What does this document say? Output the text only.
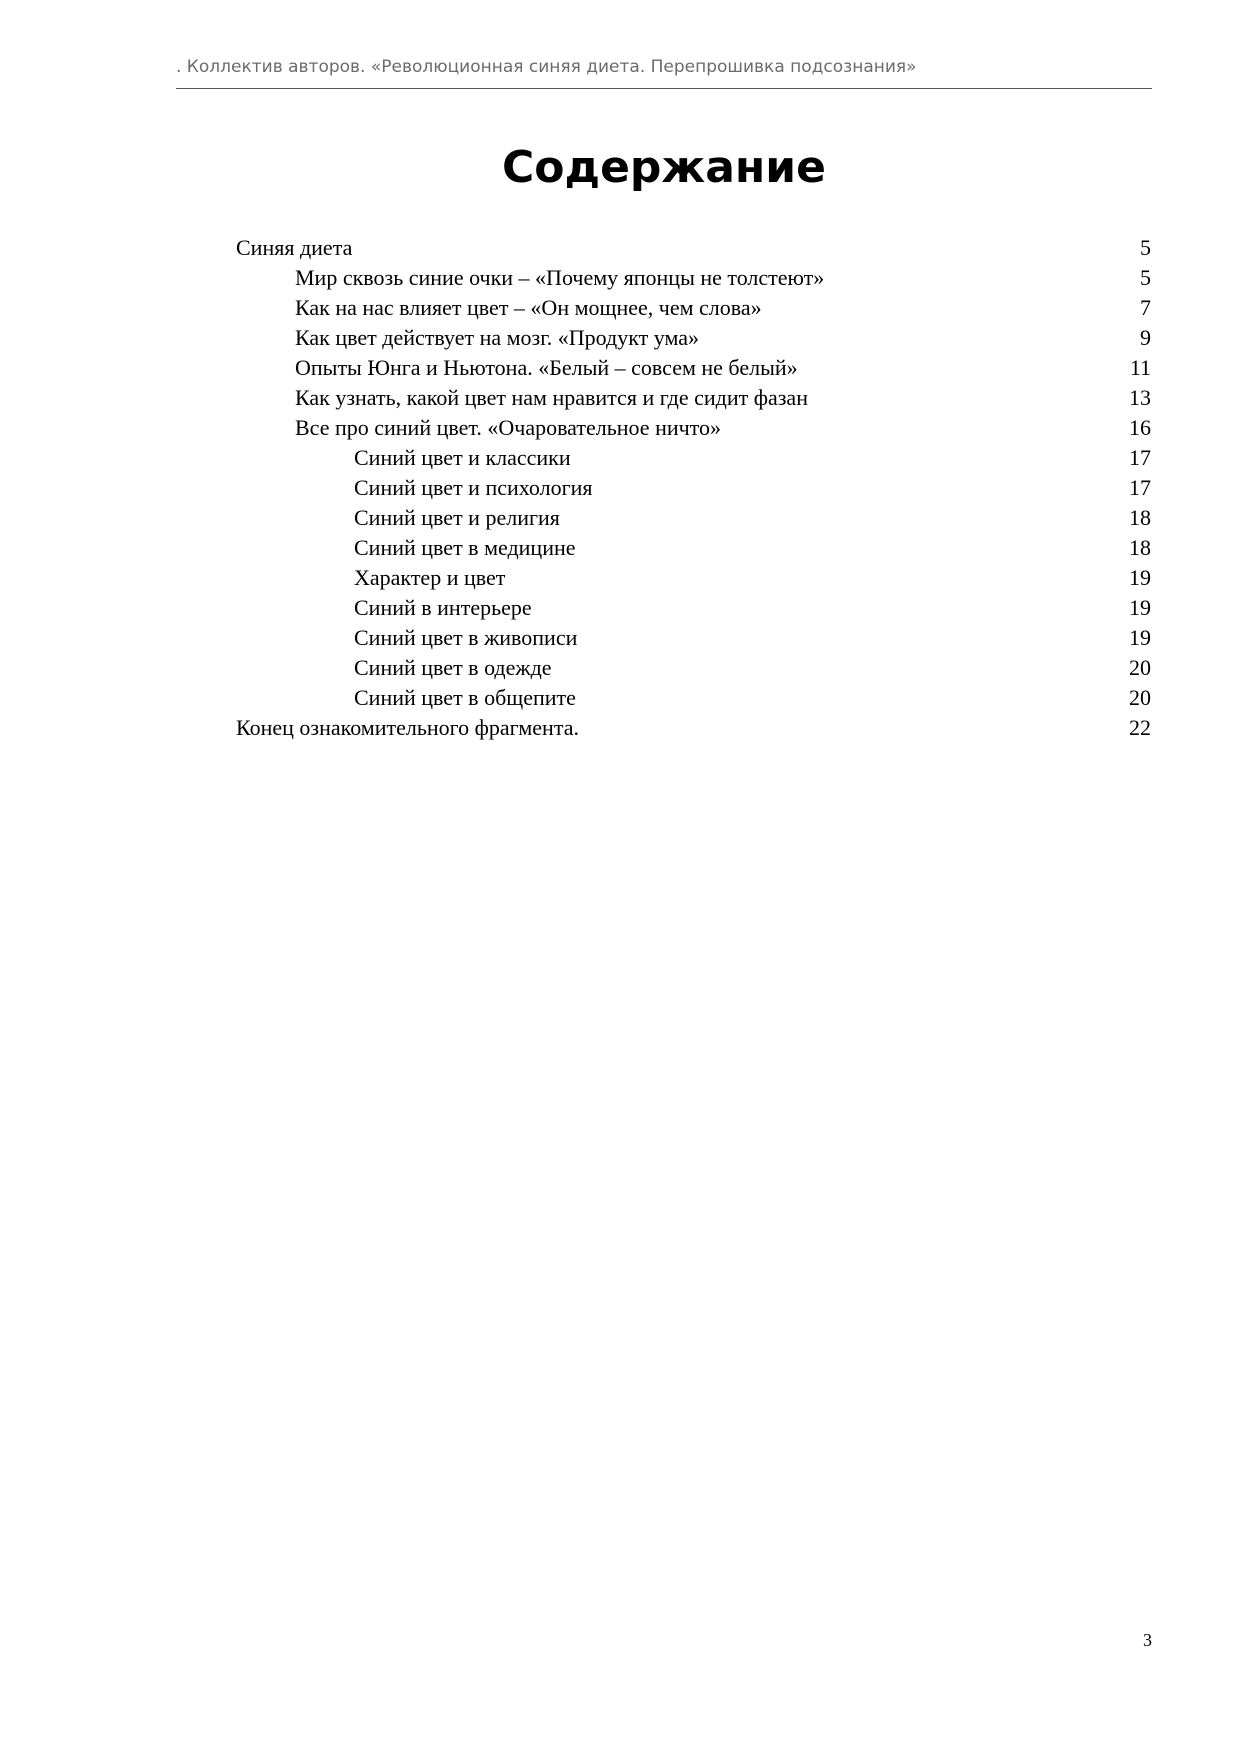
. Коллектив авторов. «Революционная синяя диета. Перепрошивка подсознания»
Содержание
Синяя диета	5
Мир сквозь синие очки – «Почему японцы не толстеют»	5
Как на нас влияет цвет – «Он мощнее, чем слова»	7
Как цвет действует на мозг. «Продукт ума»	9
Опыты Юнга и Ньютона. «Белый – совсем не белый»	11
Как узнать, какой цвет нам нравится и где сидит фазан	13
Все про синий цвет. «Очаровательное ничто»	16
Синий цвет и классики	17
Синий цвет и психология	17
Синий цвет и религия	18
Синий цвет в медицине	18
Характер и цвет	19
Синий в интерьере	19
Синий цвет в живописи	19
Синий цвет в одежде	20
Синий цвет в общепите	20
Конец ознакомительного фрагмента.	22
3
